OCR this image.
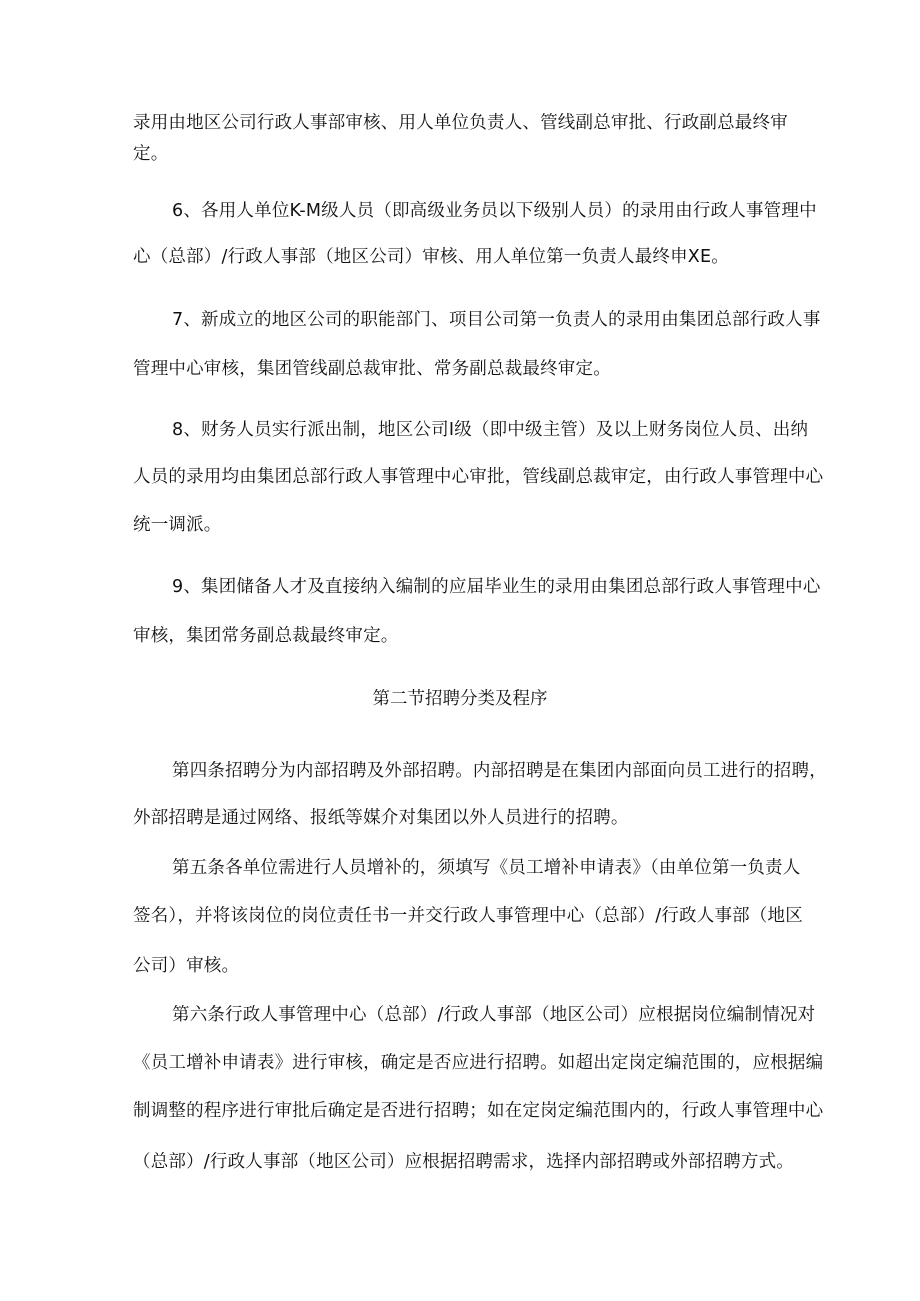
录用由地区公司行政人事部审核、用人单位负责人、管线副总审批、行政副总最终审
定。
6、各用人单位K-M级人员（即高级业务员以下级别人员）的录用由行政人事管理中
心（总部）/行政人事部（地区公司）审核、用人单位第一负责人最终申XE。
7、新成立的地区公司的职能部门、项目公司第一负责人的录用由集团总部行政人事
管理中心审核，集团管线副总裁审批、常务副总裁最终审定。
8、财务人员实行派出制，地区公司I级（即中级主管）及以上财务岗位人员、出纳
人员的录用均由集团总部行政人事管理中心审批，管线副总裁审定，由行政人事管理中心
统一调派。
9、集团储备人才及直接纳入编制的应届毕业生的录用由集团总部行政人事管理中心
审核，集团常务副总裁最终审定。
第二节招聘分类及程序
第四条招聘分为内部招聘及外部招聘。内部招聘是在集团内部面向员工进行的招聘，
外部招聘是通过网络、报纸等媒介对集团以外人员进行的招聘。
第五条各单位需进行人员增补的，须填写《员工增补申请表》（由单位第一负责人
签名），并将该岗位的岗位责任书一并交行政人事管理中心（总部）/行政人事部（地区
公司）审核。
第六条行政人事管理中心（总部）/行政人事部（地区公司）应根据岗位编制情况对
《员工增补申请表》进行审核，确定是否应进行招聘。如超出定岗定编范围的，应根据编
制调整的程序进行审批后确定是否进行招聘；如在定岗定编范围内的，行政人事管理中心
（总部）/行政人事部（地区公司）应根据招聘需求，选择内部招聘或外部招聘方式。
